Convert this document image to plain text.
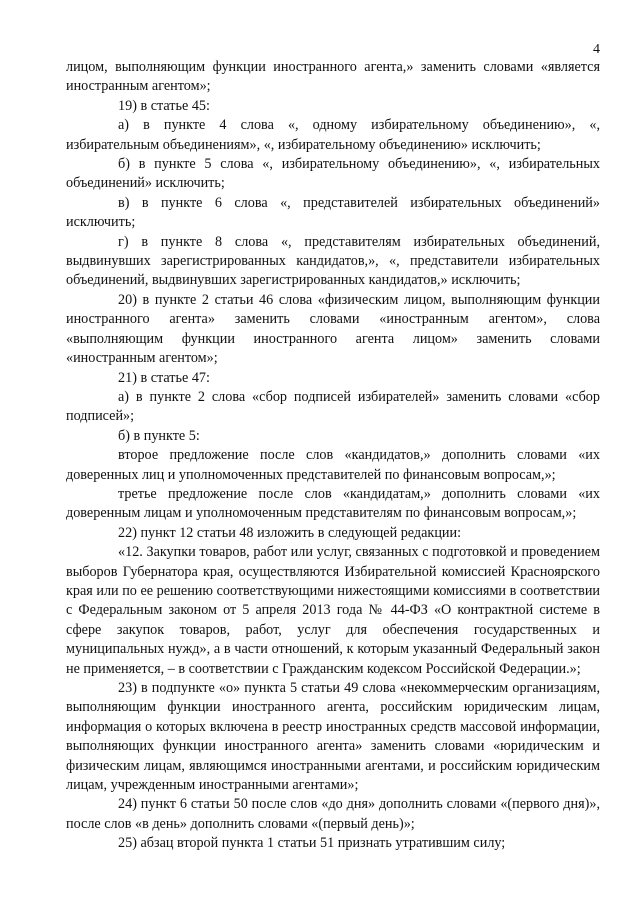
4

лицом, выполняющим функции иностранного агента,» заменить словами «является иностранным агентом»;

19) в статье 45:

а) в пункте 4 слова «, одному избирательному объединению», «, избирательным объединениям», «, избирательному объединению» исключить;

б) в пункте 5 слова «, избирательному объединению», «, избирательных объединений» исключить;

в) в пункте 6 слова «, представителей избирательных объединений» исключить;

г) в пункте 8 слова «, представителям избирательных объединений, выдвинувших зарегистрированных кандидатов,», «, представители избирательных объединений, выдвинувших зарегистрированных кандидатов,» исключить;

20) в пункте 2 статьи 46 слова «физическим лицом, выполняющим функции иностранного агента» заменить словами «иностранным агентом», слова «выполняющим функции иностранного агента лицом» заменить словами «иностранным агентом»;

21) в статье 47:

а) в пункте 2 слова «сбор подписей избирателей» заменить словами «сбор подписей»;

б) в пункте 5:

второе предложение после слов «кандидатов,» дополнить словами «их доверенных лиц и уполномоченных представителей по финансовым вопросам,»;

третье предложение после слов «кандидатам,» дополнить словами «их доверенным лицам и уполномоченным представителям по финансовым вопросам,»;

22) пункт 12 статьи 48 изложить в следующей редакции:

«12. Закупки товаров, работ или услуг, связанных с подготовкой и проведением выборов Губернатора края, осуществляются Избирательной комиссией Красноярского края или по ее решению соответствующими нижестоящими комиссиями в соответствии с Федеральным законом от 5 апреля 2013 года № 44-ФЗ «О контрактной системе в сфере закупок товаров, работ, услуг для обеспечения государственных и муниципальных нужд», а в части отношений, к которым указанный Федеральный закон не применяется, – в соответствии с Гражданским кодексом Российской Федерации.»;

23) в подпункте «о» пункта 5 статьи 49 слова «некоммерческим организациям, выполняющим функции иностранного агента, российским юридическим лицам, информация о которых включена в реестр иностранных средств массовой информации, выполняющих функции иностранного агента» заменить словами «юридическим и физическим лицам, являющимся иностранными агентами, и российским юридическим лицам, учрежденным иностранными агентами»;

24) пункт 6 статьи 50 после слов «до дня» дополнить словами «(первого дня)», после слов «в день» дополнить словами «(первый день)»;

25) абзац второй пункта 1 статьи 51 признать утратившим силу;
